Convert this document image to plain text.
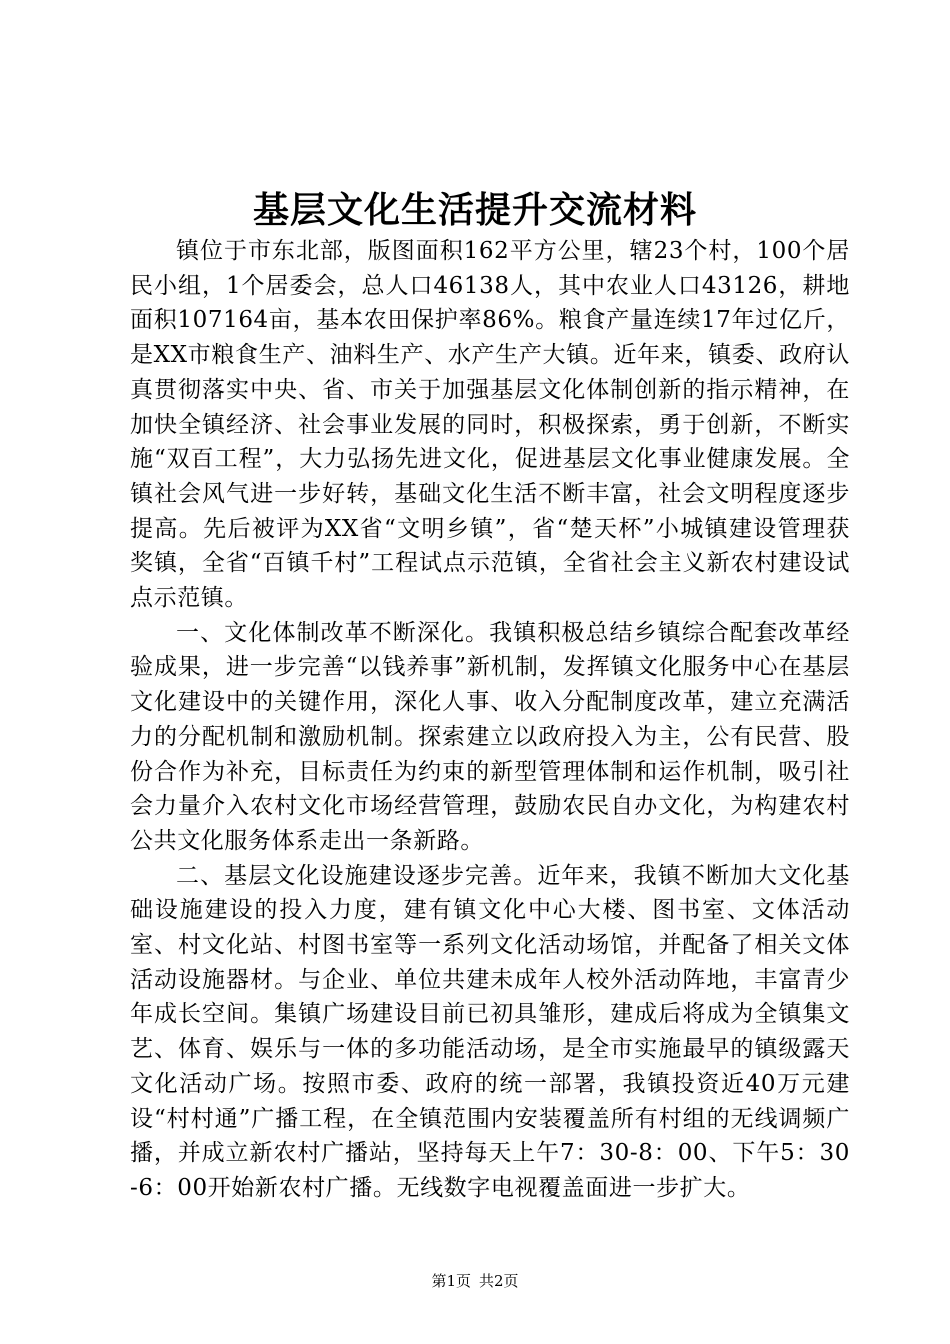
基层文化生活提升交流材料

镇位于市东北部，版图面积162平方公里，辖23个村，100个居民小组，1个居委会，总人口46138人，其中农业人口43126，耕地面积107164亩，基本农田保护率86%。粮食产量连续17年过亿斤，是XX市粮食生产、油料生产、水产生产大镇。近年来，镇委、政府认真贯彻落实中央、省、市关于加强基层文化体制创新的指示精神，在加快全镇经济、社会事业发展的同时，积极探索，勇于创新，不断实施“双百工程”，大力弘扬先进文化，促进基层文化事业健康发展。全镇社会风气进一步好转，基础文化生活不断丰富，社会文明程度逐步提高。先后被评为XX省“文明乡镇”，省“楚天杯”小城镇建设管理获奖镇，全省“百镇千村”工程试点示范镇，全省社会主义新农村建设试点示范镇。

一、文化体制改革不断深化。我镇积极总结乡镇综合配套改革经验成果，进一步完善“以钱养事”新机制，发挥镇文化服务中心在基层文化建设中的关键作用，深化人事、收入分配制度改革，建立充满活力的分配机制和激励机制。探索建立以政府投入为主，公有民营、股份合作为补充，目标责任为约束的新型管理体制和运作机制，吸引社会力量介入农村文化市场经营管理，鼓励农民自办文化，为构建农村公共文化服务体系走出一条新路。

二、基层文化设施建设逐步完善。近年来，我镇不断加大文化基础设施建设的投入力度，建有镇文化中心大楼、图书室、文体活动室、村文化站、村图书室等一系列文化活动场馆，并配备了相关文体活动设施器材。与企业、单位共建未成年人校外活动阵地，丰富青少年成长空间。集镇广场建设目前已初具雏形，建成后将成为全镇集文艺、体育、娱乐与一体的多功能活动场，是全市实施最早的镇级露天文化活动广场。按照市委、政府的统一部署，我镇投资近40万元建设“村村通”广播工程，在全镇范围内安装覆盖所有村组的无线调频广播，并成立新农村广播站，坚持每天上午7：30-8：00、下午5：30-6：00开始新农村广播。无线数字电视覆盖面进一步扩大。

第1页 共2页
